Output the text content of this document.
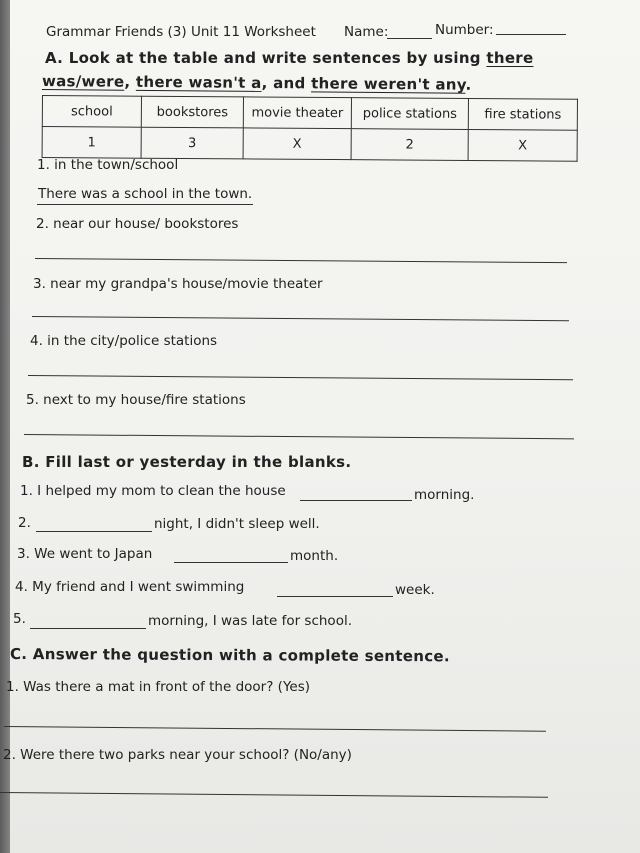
Grammar Friends (3) Unit 11 Worksheet Name:	Number:
A. Look at the table and write sentences by using there
was/were, there wasn't a, and there weren't any.
school	bookstores	movie theater	police stations	fire stations
1	3	X	2	X
1. in the town/school
There was a school in the town.
2. near our house/ bookstores
3. near my grandpa's house/movie theater
4. in the city/police stations
5. next to my house/fire stations
B. Fill last or yesterday in the blanks.
1. I helped my mom to clean the house	morning.
2.	night, I didn't sleep well.
3. We went to Japan	month.
4. My friend and I went swimming	week.
5.	morning, I was late for school.
C. Answer the question with a complete sentence.
1. Was there a mat in front of the door? (Yes)
2. Were there two parks near your school? (No/any)
